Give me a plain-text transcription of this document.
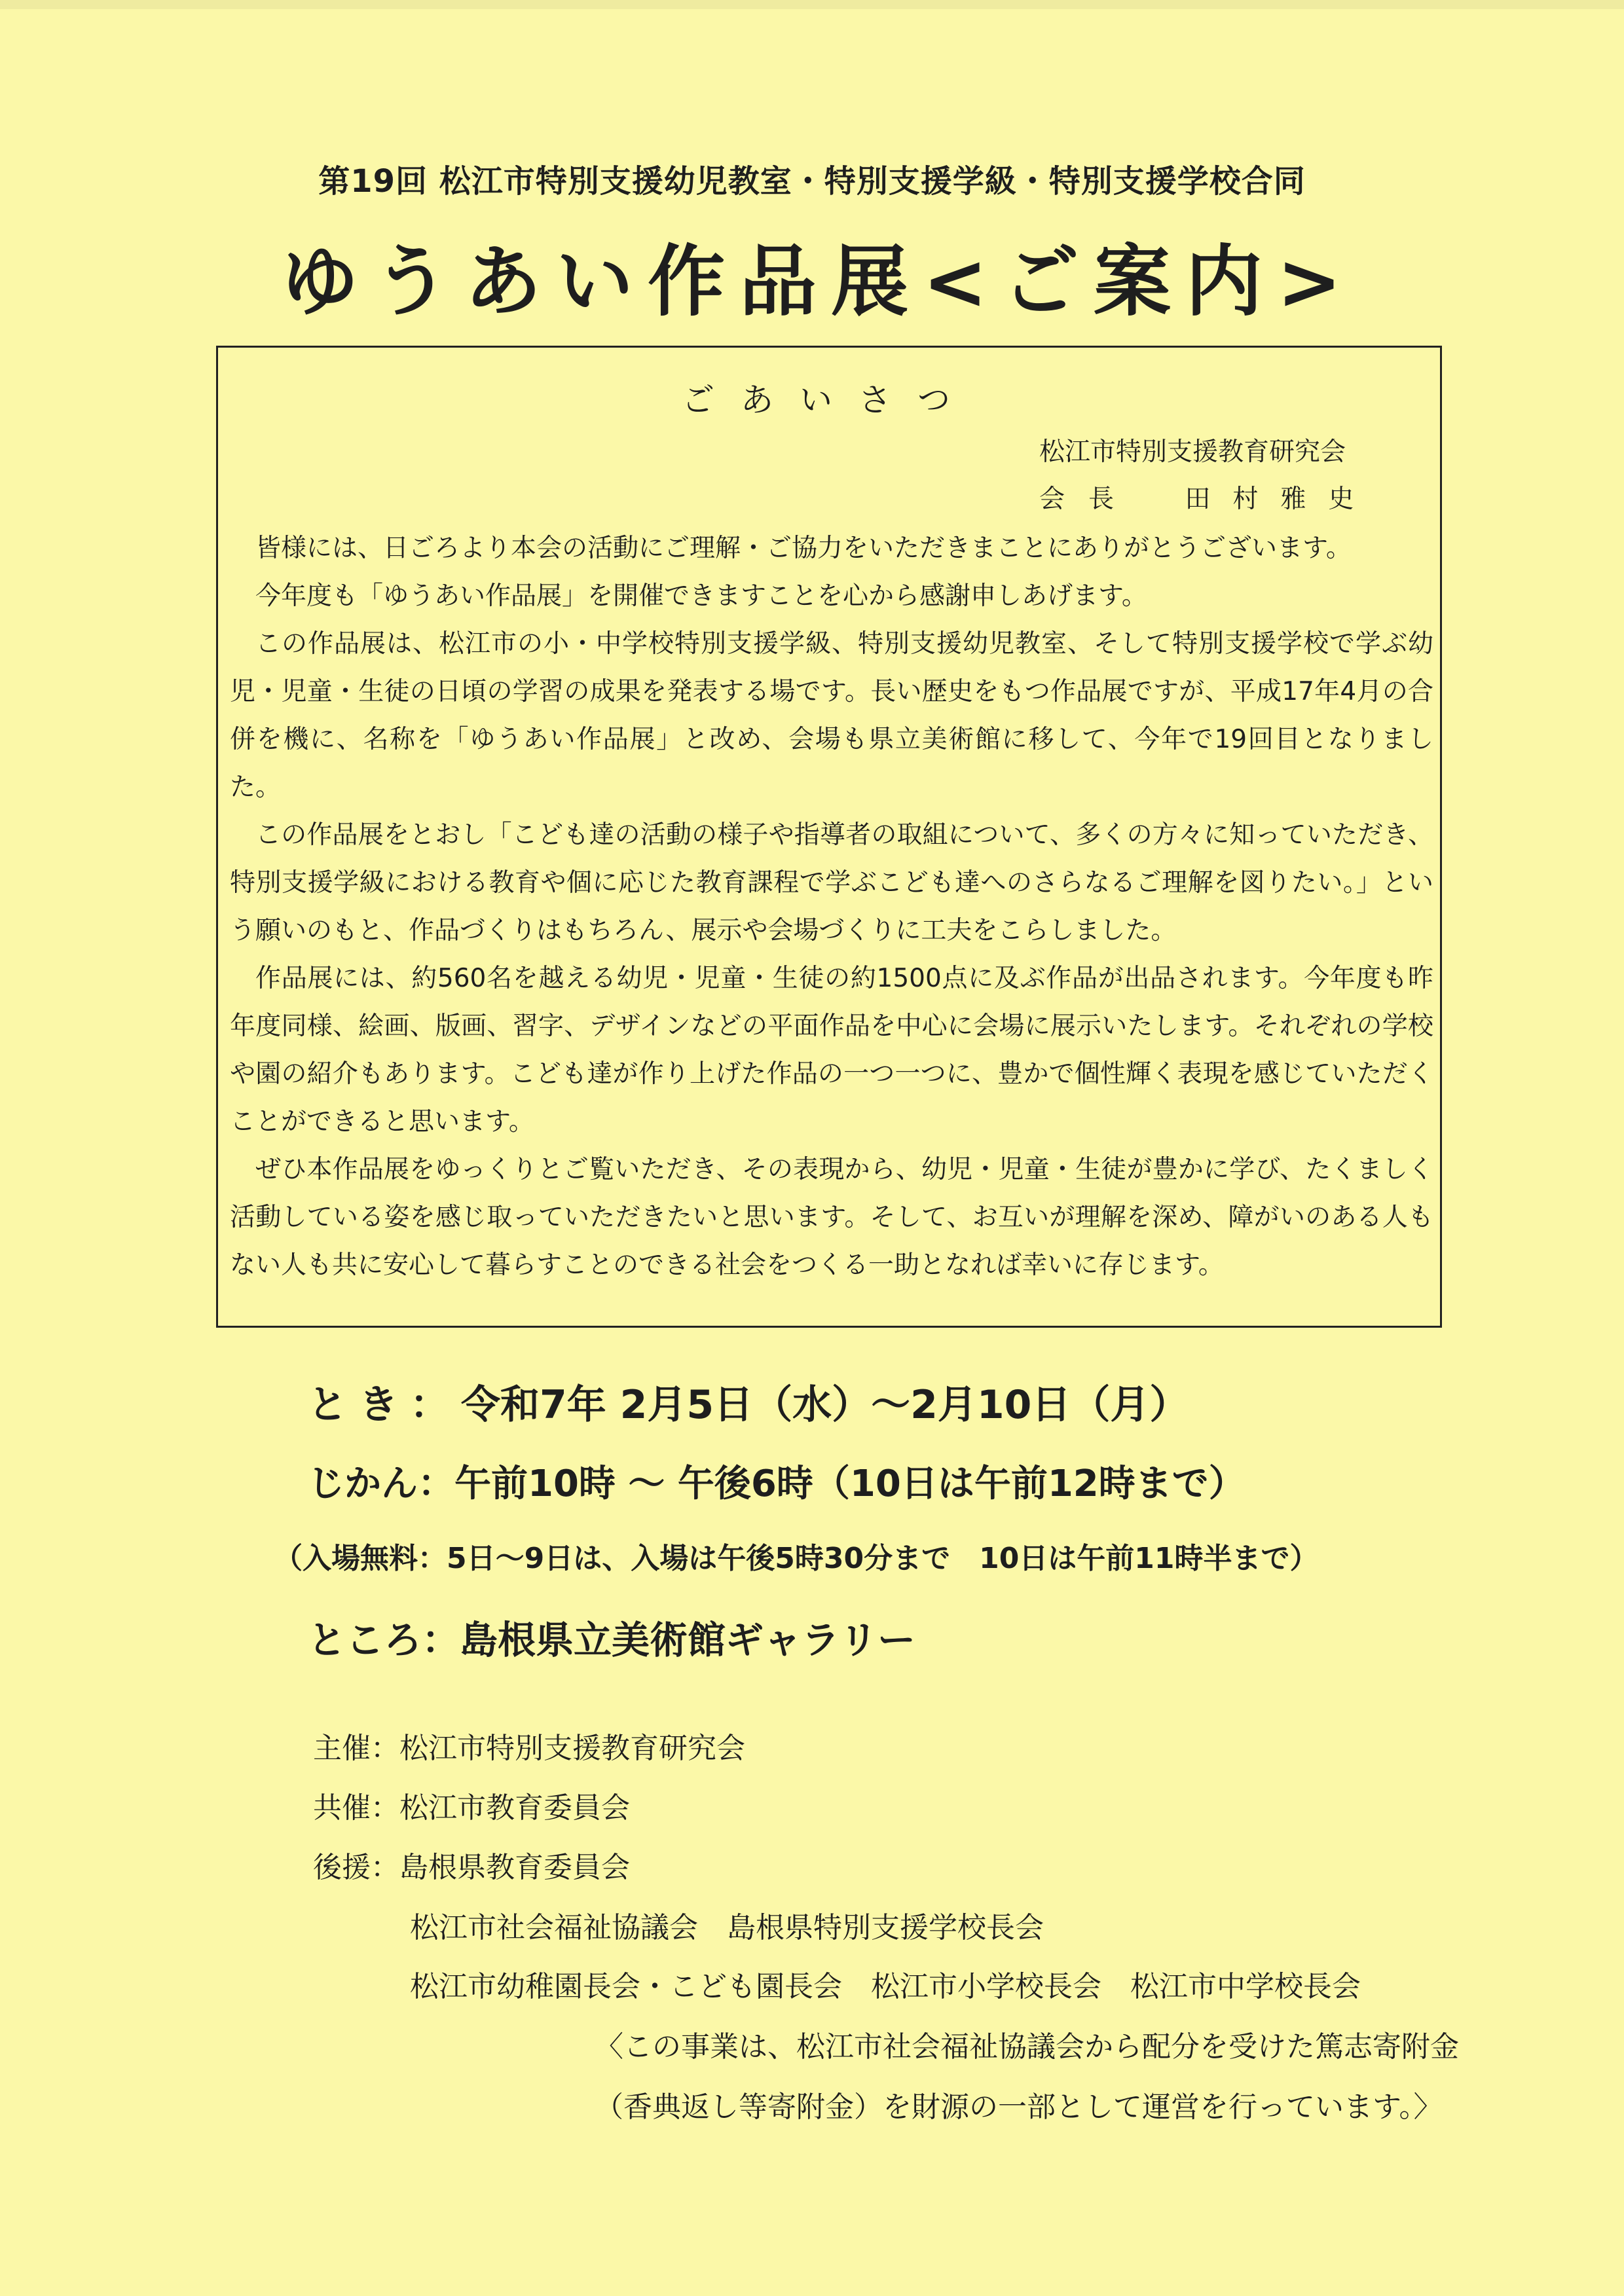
第19回 松江市特別支援幼児教室・特別支援学級・特別支援学校合同
ゆうあい作品展<ご案内>
ごあいさつ
松江市特別支援教育研究会
会長 田村雅史

皆様には、日ごろより本会の活動にご理解・ご協力をいただきまことにありがとうございます。

今年度も「ゆうあい作品展」を開催できますことを心から感謝申しあげます。

この作品展は、松江市の小・中学校特別支援学級、特別支援幼児教室、そして特別支援学校で学ぶ幼児・児童・生徒の日頃の学習の成果を発表する場です。長い歴史をもつ作品展ですが、平成17年4月の合併を機に、名称を「ゆうあい作品展」と改め、会場も県立美術館に移して、今年で19回目となりました。

この作品展をとおし「こども達の活動の様子や指導者の取組について、多くの方々に知っていただき、特別支援学級における教育や個に応じた教育課程で学ぶこども達へのさらなるご理解を図りたい。」という願いのもと、作品づくりはもちろん、展示や会場づくりに工夫をこらしました。

作品展には、約560名を越える幼児・児童・生徒の約1500点に及ぶ作品が出品されます。今年度も昨年度同様、絵画、版画、習字、デザインなどの平面作品を中心に会場に展示いたします。それぞれの学校や園の紹介もあります。こども達が作り上げた作品の一つ一つに、豊かで個性輝く表現を感じていただくことができると思います。

ぜひ本作品展をゆっくりとご覧いただき、その表現から、幼児・児童・生徒が豊かに学び、たくましく活動している姿を感じ取っていただきたいと思います。そして、お互いが理解を深め、障がいのある人もない人も共に安心して暮らすことのできる社会をつくる一助となれば幸いに存じます。

とき：令和7年 2月5日（水）～2月10日（月）
じかん：午前10時 ～ 午後6時（10日は午前12時まで）
（入場無料：5日～9日は、入場は午後5時30分まで　10日は午前11時半まで）
ところ：島根県立美術館ギャラリー
主催：松江市特別支援教育研究会
共催：松江市教育委員会
後援：島根県教育委員会
松江市社会福祉協議会　島根県特別支援学校長会
松江市幼稚園長会・こども園長会　松江市小学校長会　松江市中学校長会
〈この事業は、松江市社会福祉協議会から配分を受けた篤志寄附金
（香典返し等寄附金）を財源の一部として運営を行っています。〉
